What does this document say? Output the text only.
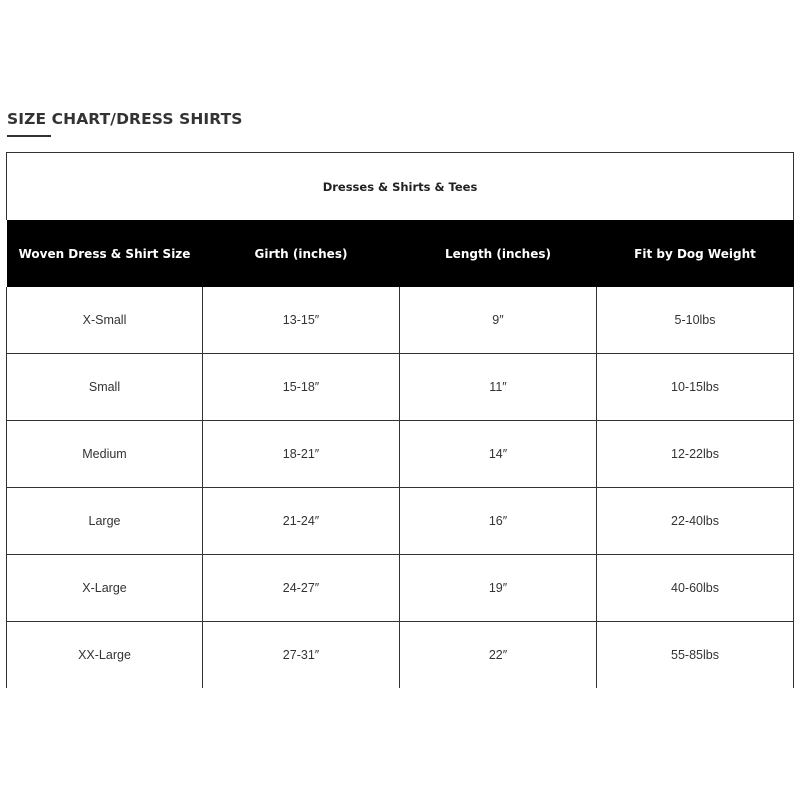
SIZE CHART/DRESS SHIRTS
Dresses & Shirts & Tees			
Woven Dress & Shirt Size	Girth (inches)	Length (inches)	Fit by Dog Weight
X-Small	13-15″	9″	5-10lbs
Small	15-18″	11″	10-15lbs
Medium	18-21″	14″	12-22lbs
Large	21-24″	16″	22-40lbs
X-Large	24-27″	19″	40-60lbs
XX-Large	27-31″	22″	55-85lbs
